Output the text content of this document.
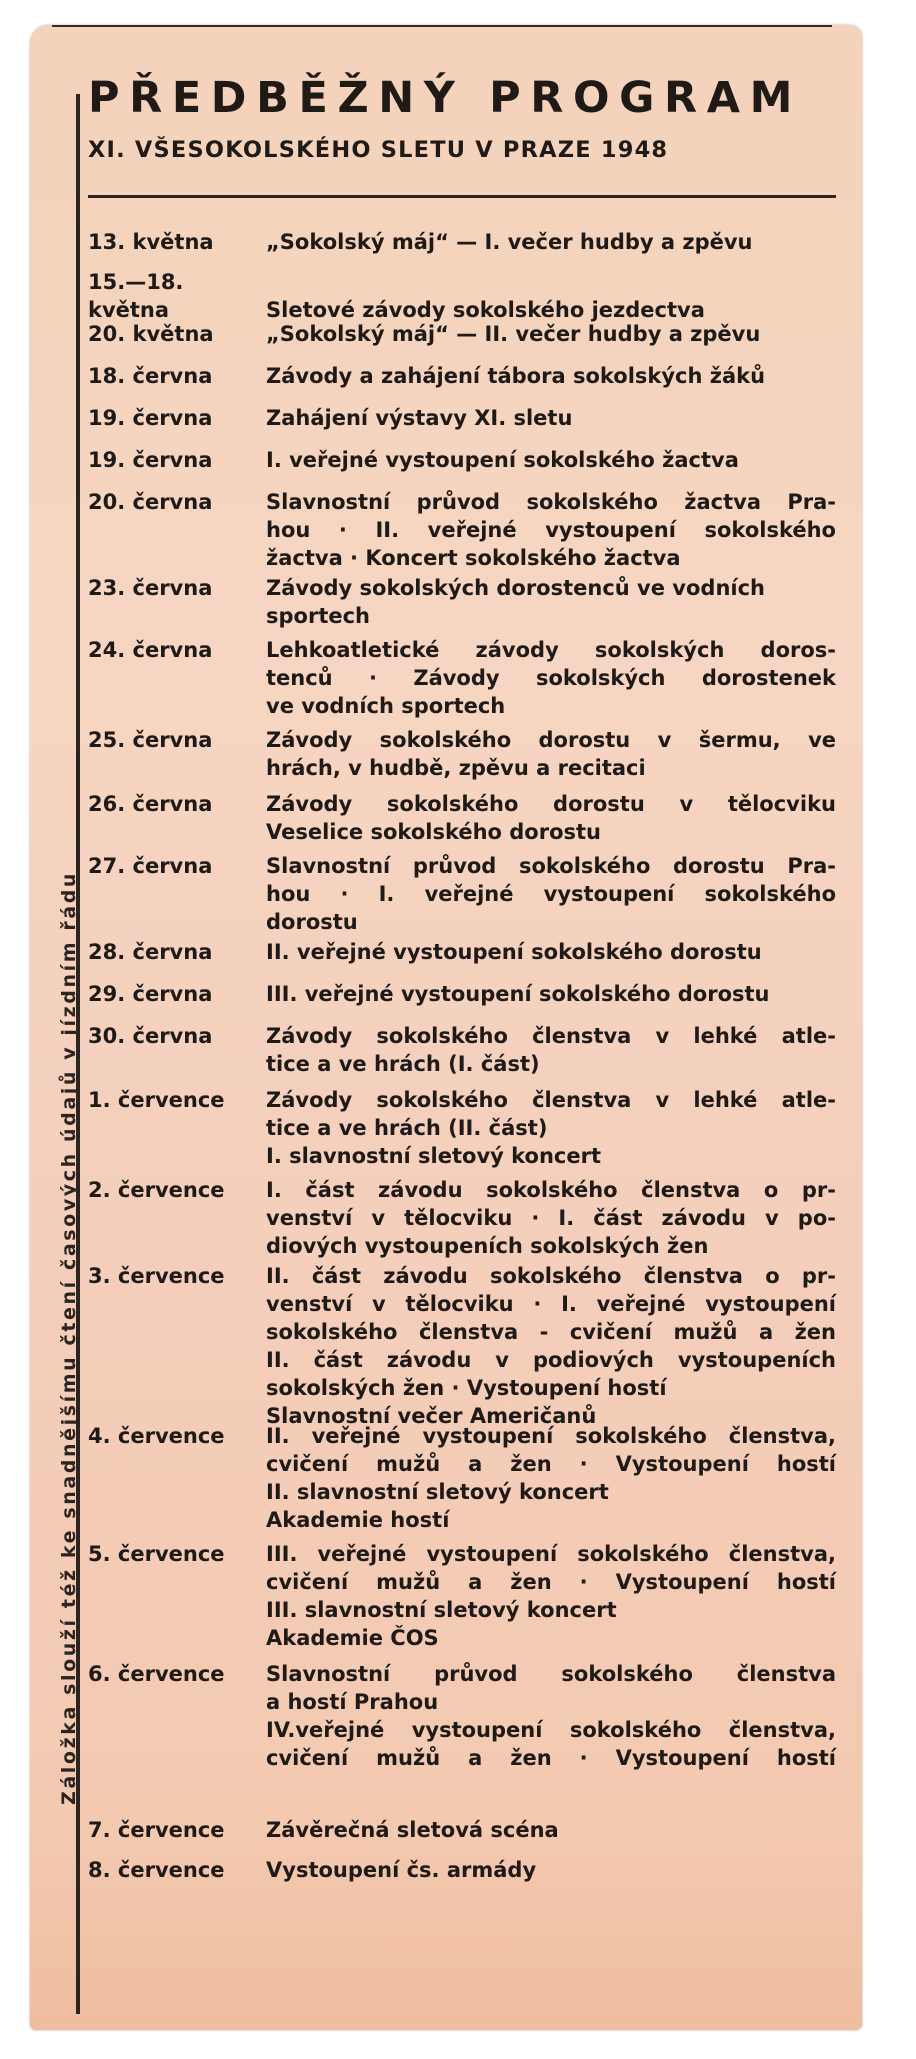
Záložka slouží též ke snadnějšímu čtení časových údajů v jízdním řádu
PŘEDBĚŽNÝ PROGRAM
XI. VŠESOKOLSKÉHO SLETU V PRAZE 1948
13. května	„Sokolský máj“ — I. večer hudby a zpěvu
15.—18.
května	Sletové závody sokolského jezdectva
20. května	„Sokolský máj“ — II. večer hudby a zpěvu
18. června	Závody a zahájení tábora sokolských žáků
19. června	Zahájení výstavy XI. sletu
19. června	I. veřejné vystoupení sokolského žactva
20. června	Slavnostní průvod sokolského žactva Pra-
hou · II. veřejné vystoupení sokolského
žactva · Koncert sokolského žactva
23. června	Závody sokolských dorostenců ve vodních
sportech
24. června	Lehkoatletické závody sokolských doros-
tenců · Závody sokolských dorostenek
ve vodních sportech
25. června	Závody sokolského dorostu v šermu, ve
hrách, v hudbě, zpěvu a recitaci
26. června	Závody sokolského dorostu v tělocviku
Veselice sokolského dorostu
27. června	Slavnostní průvod sokolského dorostu Pra-
hou · I. veřejné vystoupení sokolského
dorostu
28. června	II. veřejné vystoupení sokolského dorostu
29. června	III. veřejné vystoupení sokolského dorostu
30. června	Závody sokolského členstva v lehké atle-
tice a ve hrách (I. část)
1. července	Závody sokolského členstva v lehké atle-
tice a ve hrách (II. část)
I. slavnostní sletový koncert
2. července	I. část závodu sokolského členstva o pr-
venství v tělocviku · I. část závodu v po-
diových vystoupeních sokolských žen
3. července	II. část závodu sokolského členstva o pr-
venství v tělocviku · I. veřejné vystoupení
sokolského členstva - cvičení mužů a žen
II. část závodu v podiových vystoupeních
sokolských žen · Vystoupení hostí
Slavnostní večer Američanů
4. července	II. veřejné vystoupení sokolského členstva,
cvičení mužů a žen · Vystoupení hostí
II. slavnostní sletový koncert
Akademie hostí
5. července	III. veřejné vystoupení sokolského členstva,
cvičení mužů a žen · Vystoupení hostí
III. slavnostní sletový koncert
Akademie ČOS
6. července	Slavnostní průvod sokolského členstva
a hostí Prahou
IV.veřejné vystoupení sokolského členstva,
cvičení mužů a žen · Vystoupení hostí
7. července	Závěrečná sletová scéna
8. července	Vystoupení čs. armády
